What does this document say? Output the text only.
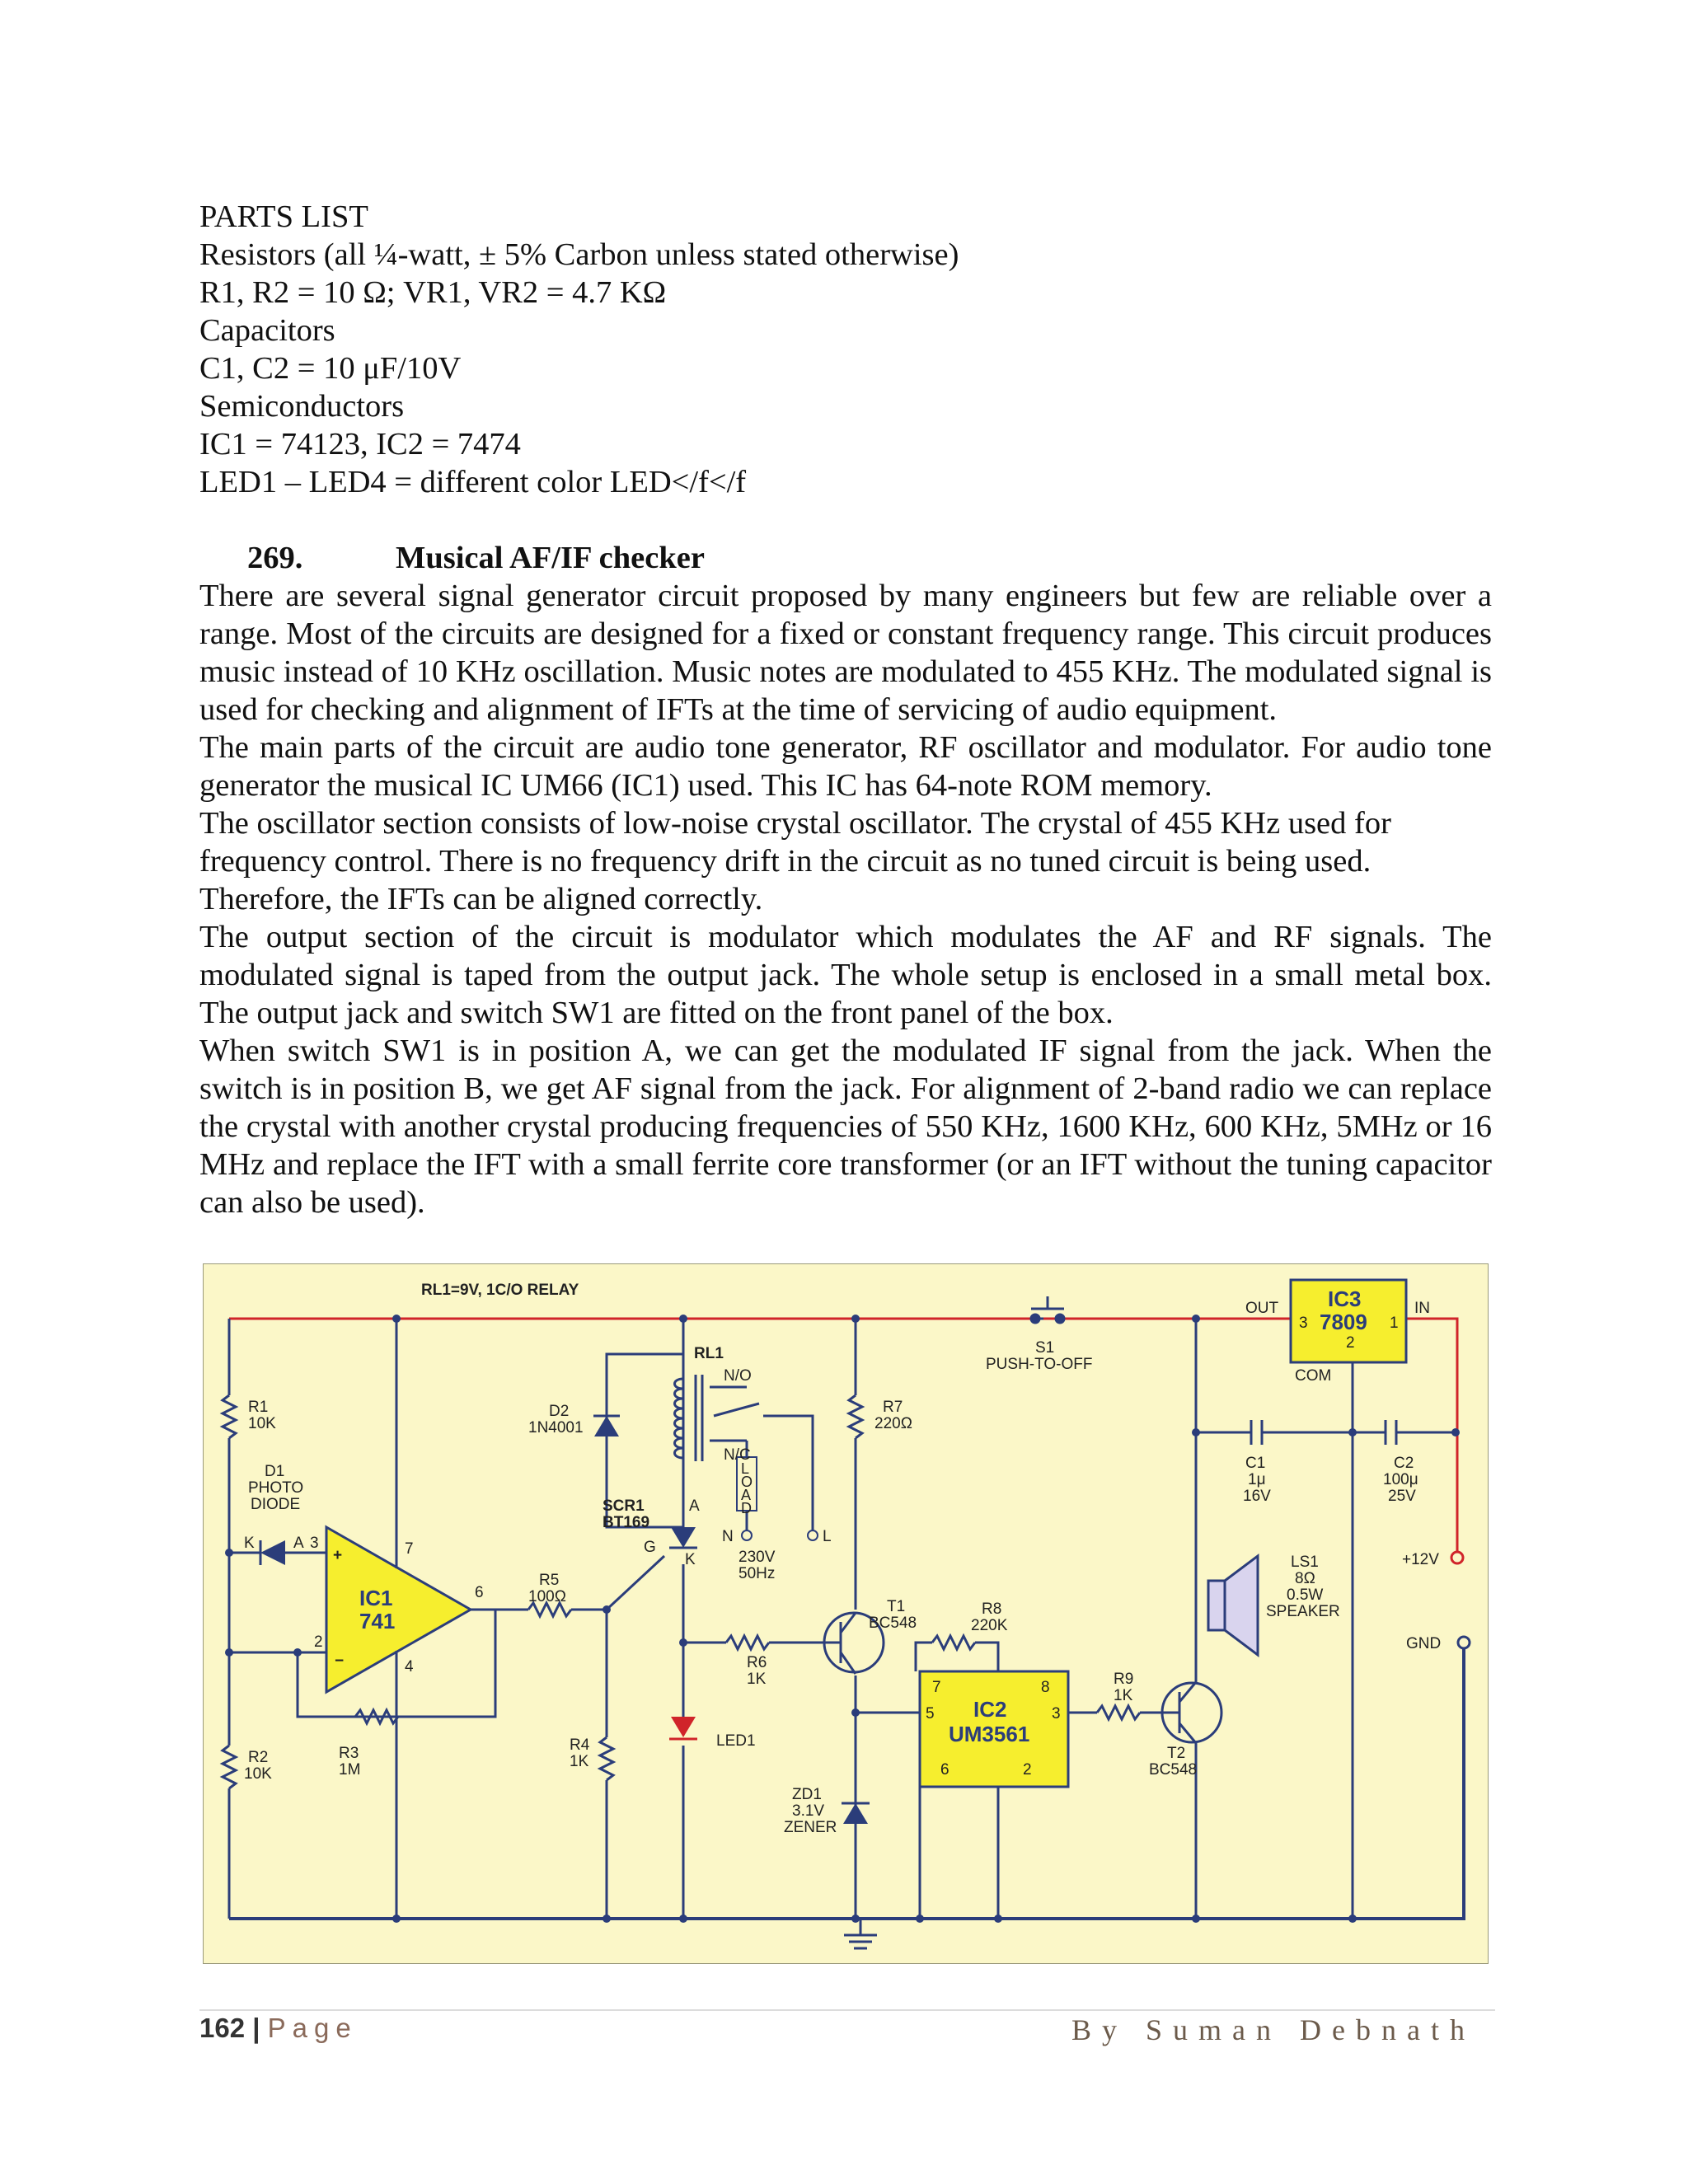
PARTS LIST

Resistors (all ¼-watt, ± 5% Carbon unless stated otherwise)

R1, R2 = 10 Ω; VR1, VR2 = 4.7 KΩ

Capacitors

C1, C2 = 10 μF/10V

Semiconductors

IC1 = 74123, IC2 = 7474

LED1 – LED4 = different color LED</f</f

269.	Musical AF/IF checker

There are several signal generator circuit proposed by many engineers but few are reliable over a range. Most of the circuits are designed for a fixed or constant frequency range. This circuit produces music instead of 10 KHz oscillation. Music notes are modulated to 455 KHz. The modulated signal is used for checking and alignment of IFTs at the time of servicing of audio equipment.

The main parts of the circuit are audio tone generator, RF oscillator and modulator. For audio tone generator the musical IC UM66 (IC1) used. This IC has 64-note ROM memory.

The oscillator section consists of low-noise crystal oscillator. The crystal of 455 KHz used for frequency control. There is no frequency drift in the circuit as no tuned circuit is being used. Therefore, the IFTs can be aligned correctly.

The output section of the circuit is modulator which modulates the AF and RF signals. The modulated signal is taped from the output jack. The whole setup is enclosed in a small metal box. The output jack and switch SW1 are fitted on the front panel of the box.

When switch SW1 is in position A, we can get the modulated IF signal from the jack. When the switch is in position B, we get AF signal from the jack. For alignment of 2-band radio we can replace the crystal with another crystal producing frequencies of 550 KHz, 1600 KHz, 600 KHz, 5MHz or 16 MHz and replace the IFT with a small ferrite core transformer (or an IFT without the tuning capacitor can also be used).

RL1=9V, 1C/O RELAY
R1
10K
D1
PHOTO
DIODE
K A 3
2
7
4
6
+
−
IC1
741
R2
10K
R3
1M
R4
1K
R5
100Ω
D2
1N4001
RL1
N/O
N/C
L
O
A
D
SCR1
BT169
A
G
K
N	L
230V
50Hz
LED1
R6
1K
R7
220Ω
T1
BC548
ZD1
3.1V
ZENER
S1
PUSH-TO-OFF
R8
220K
7	8
5	3
6	2
IC2
UM3561
R9
1K
T2
BC548
IC3
7809
3	1
2
OUT	IN
COM
C1
1μ
16V
C2
100μ
25V
LS1
8Ω
0.5W
SPEAKER
+12V
GND
162 | Page	By Suman Debnath
